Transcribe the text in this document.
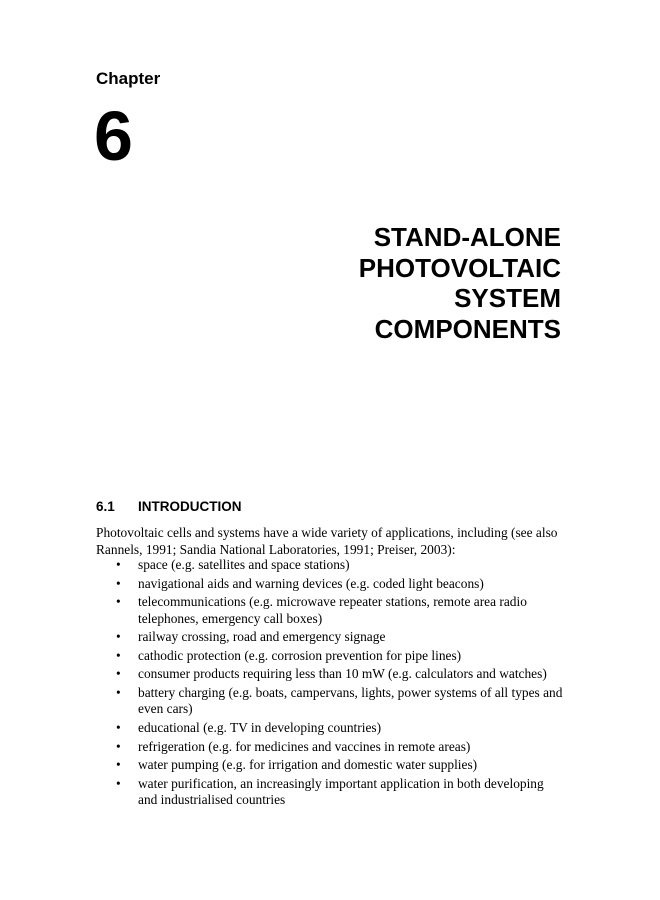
Chapter
6
STAND-ALONE
PHOTOVOLTAIC
SYSTEM
COMPONENTS
6.1 INTRODUCTION

Photovoltaic cells and systems have a wide variety of applications, including (see also Rannels, 1991; Sandia National Laboratories, 1991; Preiser, 2003):

•	space (e.g. satellites and space stations)
•	navigational aids and warning devices (e.g. coded light beacons)
•	telecommunications (e.g. microwave repeater stations, remote area radio telephones, emergency call boxes)
•	railway crossing, road and emergency signage
•	cathodic protection (e.g. corrosion prevention for pipe lines)
•	consumer products requiring less than 10 mW (e.g. calculators and watches)
•	battery charging (e.g. boats, campervans, lights, power systems of all types and even cars)
•	educational (e.g. TV in developing countries)
•	refrigeration (e.g. for medicines and vaccines in remote areas)
•	water pumping (e.g. for irrigation and domestic water supplies)
•	water purification, an increasingly important application in both developing and industrialised countries
